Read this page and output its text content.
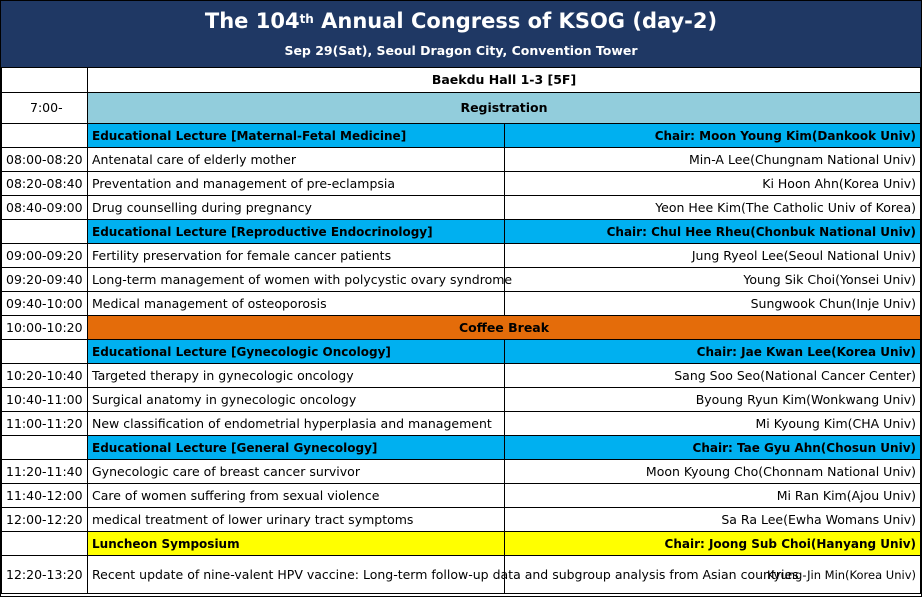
The 104th Annual Congress of KSOG (day-2)
Sep 29(Sat), Seoul Dragon City, Convention Tower
	Baekdu Hall 1-3 [5F]	
7:00-	Registration	
	Educational Lecture [Maternal-Fetal Medicine]	Chair: Moon Young Kim(Dankook Univ)
08:00-08:20	Antenatal care of elderly mother	Min-A Lee(Chungnam National Univ)
08:20-08:40	Preventation and management of pre-eclampsia	Ki Hoon Ahn(Korea Univ)
08:40-09:00	Drug counselling during pregnancy	Yeon Hee Kim(The Catholic Univ of Korea)
	Educational Lecture [Reproductive Endocrinology]	Chair: Chul Hee Rheu(Chonbuk National Univ)
09:00-09:20	Fertility preservation for female cancer patients	Jung Ryeol Lee(Seoul National Univ)
09:20-09:40	Long-term management of women with polycystic ovary syndrome	Young Sik Choi(Yonsei Univ)
09:40-10:00	Medical management of osteoporosis	Sungwook Chun(Inje Univ)
10:00-10:20	Coffee Break	
	Educational Lecture [Gynecologic Oncology]	Chair: Jae Kwan Lee(Korea Univ)
10:20-10:40	Targeted therapy in gynecologic oncology	Sang Soo Seo(National Cancer Center)
10:40-11:00	Surgical anatomy in gynecologic oncology	Byoung Ryun Kim(Wonkwang Univ)
11:00-11:20	New classification of endometrial hyperplasia and management	Mi Kyoung Kim(CHA Univ)
	Educational Lecture [General Gynecology]	Chair: Tae Gyu Ahn(Chosun Univ)
11:20-11:40	Gynecologic care of breast cancer survivor	Moon Kyoung Cho(Chonnam National Univ)
11:40-12:00	Care of women suffering from sexual violence	Mi Ran Kim(Ajou Univ)
12:00-12:20	medical treatment of lower urinary tract symptoms	Sa Ra Lee(Ewha Womans Univ)
	Luncheon Symposium	Chair: Joong Sub Choi(Hanyang Univ)
12:20-13:20	Recent update of nine-valent HPV vaccine: Long-term follow-up data and subgroup analysis from Asian countries	Kyung-Jin Min(Korea Univ)
